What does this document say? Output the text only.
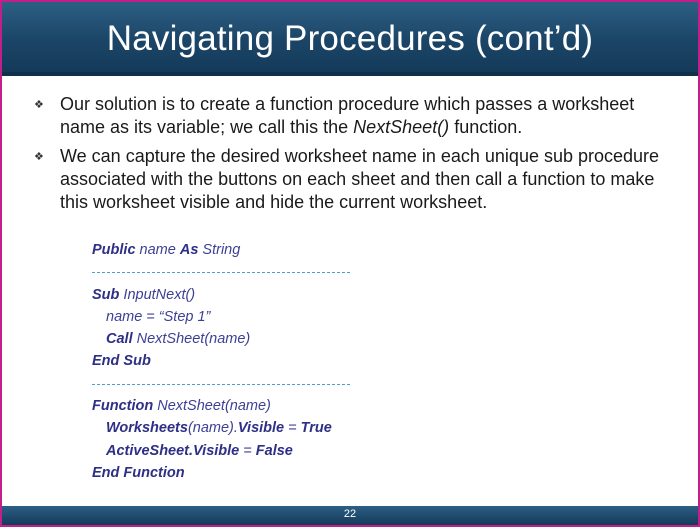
Navigating Procedures (cont’d)
❖ Our solution is to create a function procedure which passes a worksheet name as its variable; we call this the NextSheet() function.
❖ We can capture the desired worksheet name in each unique sub procedure associated with the buttons on each sheet and then call a function to make this worksheet visible and hide the current worksheet.
Public name As String
Sub InputNext()
name = “Step 1”
Call NextSheet(name)
End Sub
Function NextSheet(name)
Worksheets(name).Visible = True
ActiveSheet.Visible = False
End Function
22
